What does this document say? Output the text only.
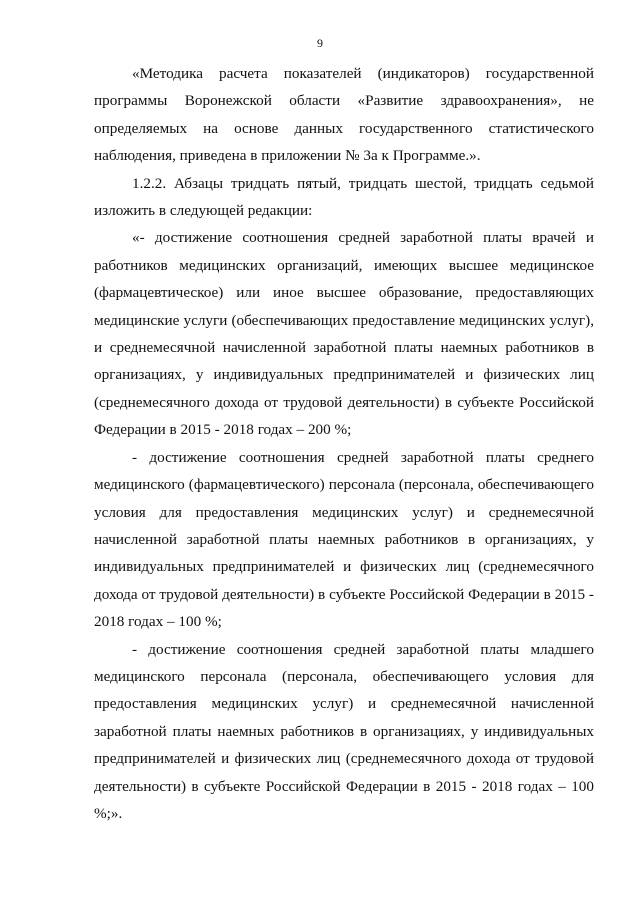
9

«Методика расчета показателей (индикаторов) государственной программы Воронежской области «Развитие здравоохранения», не определяемых на основе данных государственного статистического наблюдения, приведена в приложении № 3а к Программе.».

1.2.2. Абзацы тридцать пятый, тридцать шестой, тридцать седьмой изложить в следующей редакции:

«- достижение соотношения средней заработной платы врачей и работников медицинских организаций, имеющих высшее медицинское (фармацевтическое) или иное высшее образование, предоставляющих медицинские услуги (обеспечивающих предоставление медицинских услуг), и среднемесячной начисленной заработной платы наемных работников в организациях, у индивидуальных предпринимателей и физических лиц (среднемесячного дохода от трудовой деятельности) в субъекте Российской Федерации в 2015 - 2018 годах – 200 %;

- достижение соотношения средней заработной платы среднего медицинского (фармацевтического) персонала (персонала, обеспечивающего условия для предоставления медицинских услуг) и среднемесячной начисленной заработной платы наемных работников в организациях, у индивидуальных предпринимателей и физических лиц (среднемесячного дохода от трудовой деятельности) в субъекте Российской Федерации в 2015 - 2018 годах – 100 %;

- достижение соотношения средней заработной платы младшего медицинского персонала (персонала, обеспечивающего условия для предоставления медицинских услуг) и среднемесячной начисленной заработной платы наемных работников в организациях, у индивидуальных предпринимателей и физических лиц (среднемесячного дохода от трудовой деятельности) в субъекте Российской Федерации в 2015 - 2018 годах – 100 %;».
